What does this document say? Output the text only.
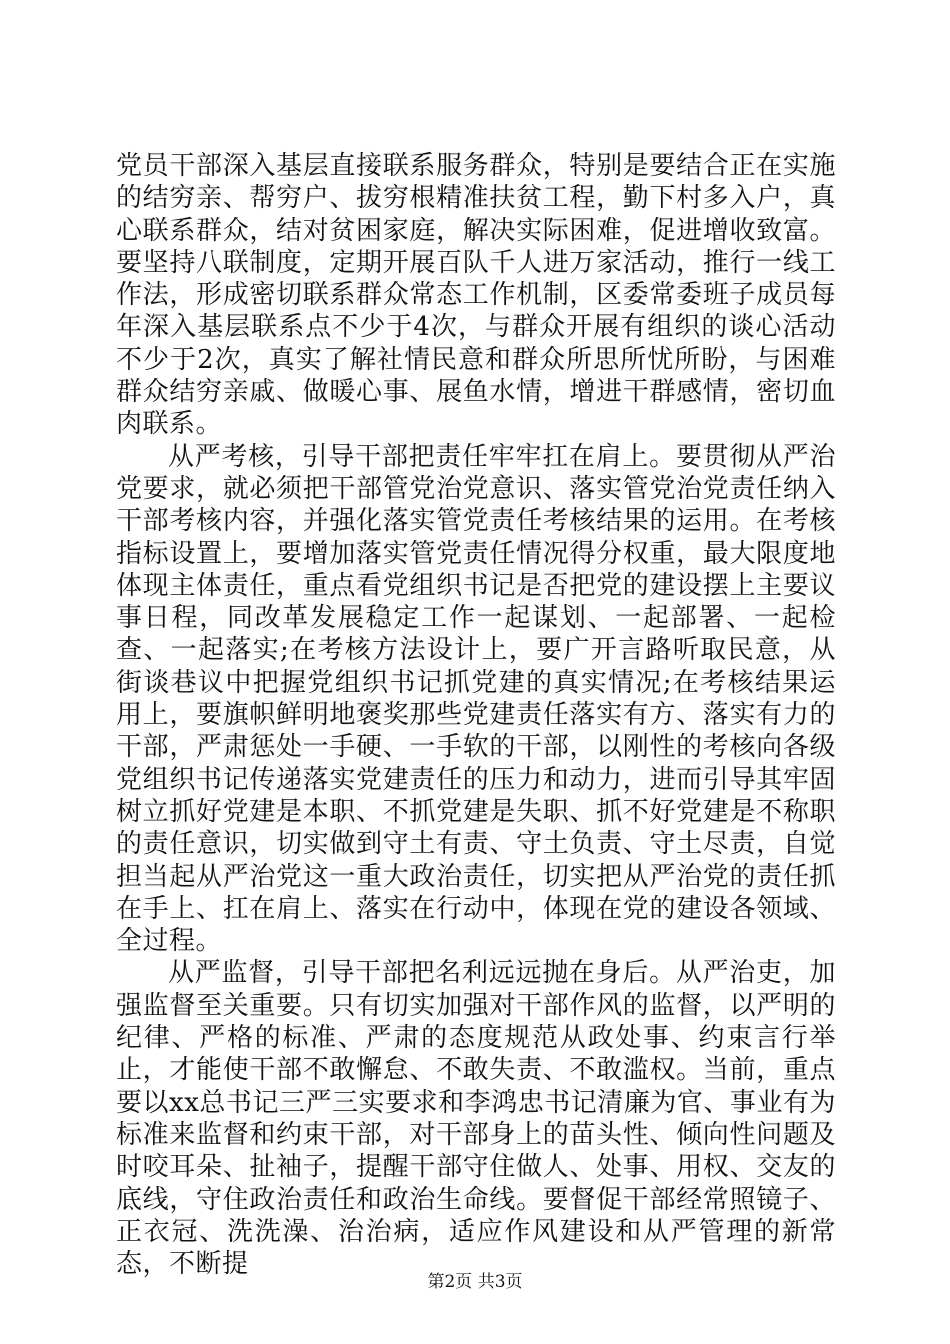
党员干部深入基层直接联系服务群众，特别是要结合正在实施的结穷亲、帮穷户、拔穷根精准扶贫工程，勤下村多入户，真心联系群众，结对贫困家庭，解决实际困难，促进增收致富。要坚持八联制度，定期开展百队千人进万家活动，推行一线工作法，形成密切联系群众常态工作机制，区委常委班子成员每年深入基层联系点不少于4次，与群众开展有组织的谈心活动不少于2次，真实了解社情民意和群众所思所忧所盼，与困难群众结穷亲戚、做暖心事、展鱼水情，增进干群感情，密切血肉联系。

从严考核，引导干部把责任牢牢扛在肩上。要贯彻从严治党要求，就必须把干部管党治党意识、落实管党治党责任纳入干部考核内容，并强化落实管党责任考核结果的运用。在考核指标设置上，要增加落实管党责任情况得分权重，最大限度地体现主体责任，重点看党组织书记是否把党的建设摆上主要议事日程，同改革发展稳定工作一起谋划、一起部署、一起检查、一起落实;在考核方法设计上，要广开言路听取民意，从街谈巷议中把握党组织书记抓党建的真实情况;在考核结果运用上，要旗帜鲜明地褒奖那些党建责任落实有方、落实有力的干部，严肃惩处一手硬、一手软的干部，以刚性的考核向各级党组织书记传递落实党建责任的压力和动力，进而引导其牢固树立抓好党建是本职、不抓党建是失职、抓不好党建是不称职的责任意识，切实做到守土有责、守土负责、守土尽责，自觉担当起从严治党这一重大政治责任，切实把从严治党的责任抓在手上、扛在肩上、落实在行动中，体现在党的建设各领域、全过程。

从严监督，引导干部把名利远远抛在身后。从严治吏，加强监督至关重要。只有切实加强对干部作风的监督，以严明的纪律、严格的标准、严肃的态度规范从政处事、约束言行举止，才能使干部不敢懈怠、不敢失责、不敢滥权。当前，重点要以xx总书记三严三实要求和李鸿忠书记清廉为官、事业有为标准来监督和约束干部，对干部身上的苗头性、倾向性问题及时咬耳朵、扯袖子，提醒干部守住做人、处事、用权、交友的底线，守住政治责任和政治生命线。要督促干部经常照镜子、正衣冠、洗洗澡、治治病，适应作风建设和从严管理的新常态，不断提

第2页 共3页
